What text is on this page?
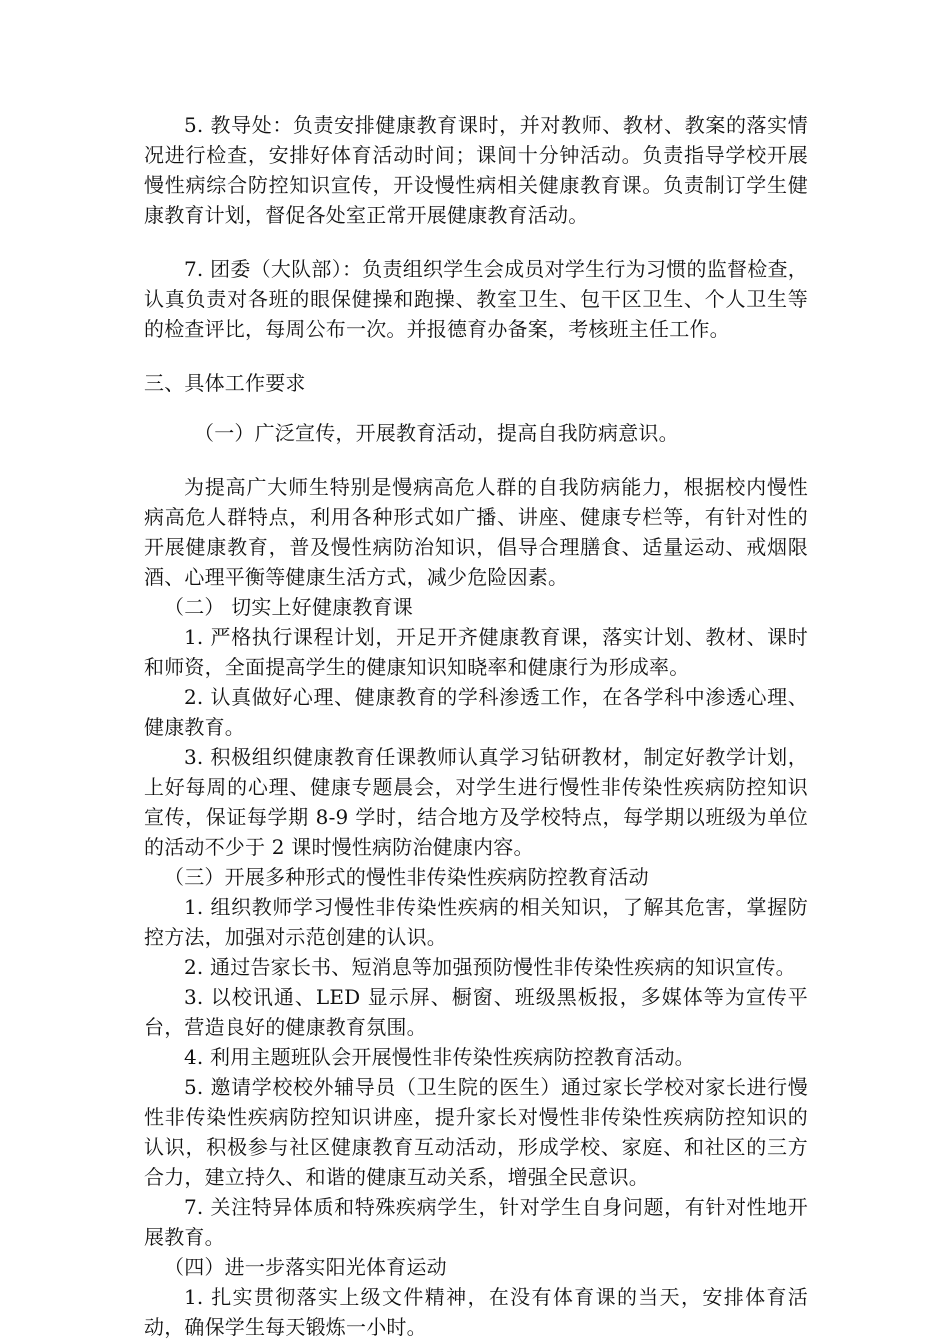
5. 教导处：负责安排健康教育课时，并对教师、教材、教案的落实情况进行检查，安排好体育活动时间；课间十分钟活动。负责指导学校开展慢性病综合防控知识宣传，开设慢性病相关健康教育课。负责制订学生健康教育计划，督促各处室正常开展健康教育活动。

7. 团委（大队部）：负责组织学生会成员对学生行为习惯的监督检查，认真负责对各班的眼保健操和跑操、教室卫生、包干区卫生、个人卫生等的检查评比，每周公布一次。并报德育办备案，考核班主任工作。

三、具体工作要求

（一）广泛宣传，开展教育活动，提高自我防病意识。

为提高广大师生特别是慢病高危人群的自我防病能力，根据校内慢性病高危人群特点，利用各种形式如广播、讲座、健康专栏等，有针对性的开展健康教育，普及慢性病防治知识，倡导合理膳食、适量运动、戒烟限酒、心理平衡等健康生活方式，减少危险因素。

（二） 切实上好健康教育课

1. 严格执行课程计划，开足开齐健康教育课，落实计划、教材、课时和师资，全面提高学生的健康知识知晓率和健康行为形成率。

2. 认真做好心理、健康教育的学科渗透工作，在各学科中渗透心理、健康教育。

3. 积极组织健康教育任课教师认真学习钻研教材，制定好教学计划，上好每周的心理、健康专题晨会，对学生进行慢性非传染性疾病防控知识宣传，保证每学期 8-9 学时，结合地方及学校特点，每学期以班级为单位的活动不少于 2 课时慢性病防治健康内容。

（三）开展多种形式的慢性非传染性疾病防控教育活动

1. 组织教师学习慢性非传染性疾病的相关知识，了解其危害，掌握防控方法，加强对示范创建的认识。

2. 通过告家长书、短消息等加强预防慢性非传染性疾病的知识宣传。

3. 以校讯通、LED 显示屏、橱窗、班级黑板报，多媒体等为宣传平台，营造良好的健康教育氛围。

4. 利用主题班队会开展慢性非传染性疾病防控教育活动。

5. 邀请学校校外辅导员（卫生院的医生）通过家长学校对家长进行慢性非传染性疾病防控知识讲座，提升家长对慢性非传染性疾病防控知识的认识，积极参与社区健康教育互动活动，形成学校、家庭、和社区的三方合力，建立持久、和谐的健康互动关系，增强全民意识。

7. 关注特异体质和特殊疾病学生，针对学生自身问题，有针对性地开展教育。

（四）进一步落实阳光体育运动

1. 扎实贯彻落实上级文件精神，在没有体育课的当天，安排体育活动，确保学生每天锻炼一小时。
